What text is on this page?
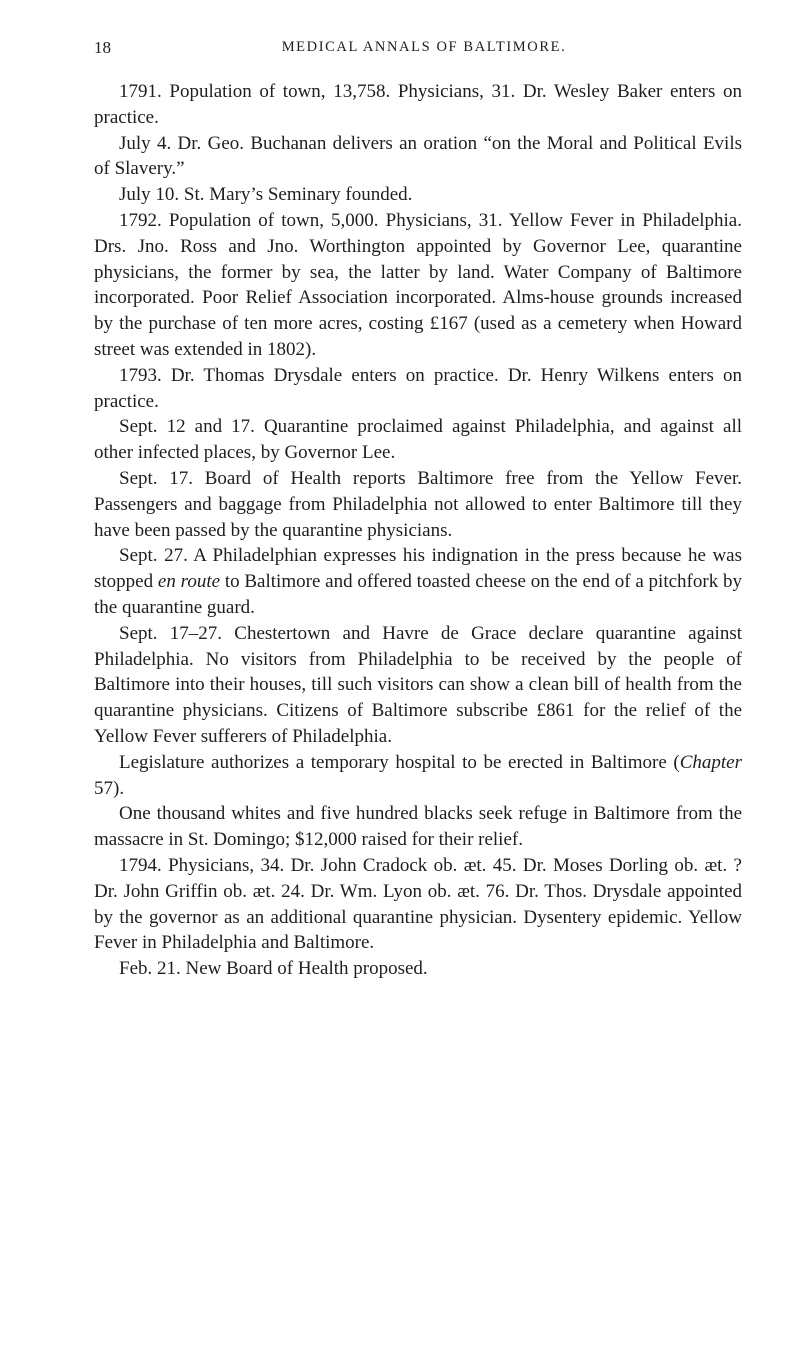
18	MEDICAL ANNALS OF BALTIMORE.

1791. Population of town, 13,758. Physicians, 31. Dr. Wesley Baker enters on practice.

July 4. Dr. Geo. Buchanan delivers an oration “on the Moral and Political Evils of Slavery.”

July 10. St. Mary’s Seminary founded.

1792. Population of town, 5,000. Physicians, 31. Yellow Fever in Philadelphia. Drs. Jno. Ross and Jno. Worthington appointed by Governor Lee, quarantine physicians, the former by sea, the latter by land. Water Company of Baltimore incorporated. Poor Relief Association incorporated. Alms-house grounds increased by the purchase of ten more acres, costing £167 (used as a cemetery when Howard street was extended in 1802).

1793. Dr. Thomas Drysdale enters on practice. Dr. Henry Wilkens enters on practice.

Sept. 12 and 17. Quarantine proclaimed against Philadelphia, and against all other infected places, by Governor Lee.

Sept. 17. Board of Health reports Baltimore free from the Yellow Fever. Passengers and baggage from Philadelphia not allowed to enter Baltimore till they have been passed by the quarantine physicians.

Sept. 27. A Philadelphian expresses his indignation in the press because he was stopped en route to Baltimore and offered toasted cheese on the end of a pitchfork by the quarantine guard.

Sept. 17–27. Chestertown and Havre de Grace declare quarantine against Philadelphia. No visitors from Philadelphia to be received by the people of Baltimore into their houses, till such visitors can show a clean bill of health from the quarantine physicians. Citizens of Baltimore subscribe £861 for the relief of the Yellow Fever sufferers of Philadelphia.

Legislature authorizes a temporary hospital to be erected in Baltimore (Chapter 57).

One thousand whites and five hundred blacks seek refuge in Baltimore from the massacre in St. Domingo; $12,000 raised for their relief.

1794. Physicians, 34. Dr. John Cradock ob. æt. 45. Dr. Moses Dorling ob. æt. ? Dr. John Griffin ob. æt. 24. Dr. Wm. Lyon ob. æt. 76. Dr. Thos. Drysdale appointed by the governor as an additional quarantine physician. Dysentery epidemic. Yellow Fever in Philadelphia and Baltimore.

Feb. 21. New Board of Health proposed.
